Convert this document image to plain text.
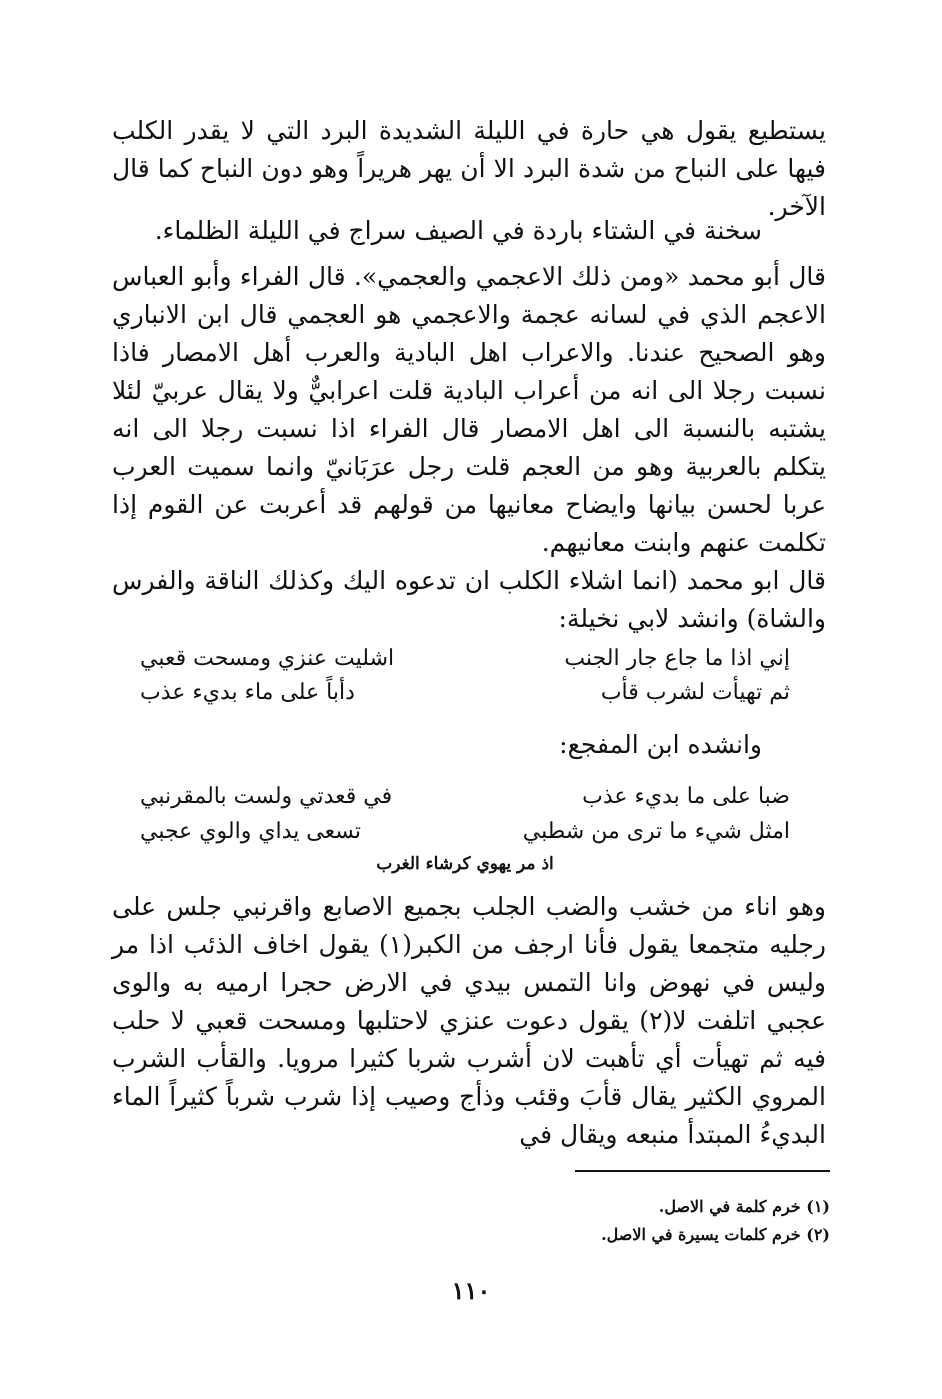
يستطيع يقول هي حارة في الليلة الشديدة البرد التي لا يقدر الكلب فيها على النباح من شدة البرد الا أن يهر هريراً وهو دون النباح كما قال الآخر.

سخنة في الشتاء باردة في الصيف سراج في الليلة الظلماء.

قال أبو محمد «ومن ذلك الاعجمي والعجمي». قال الفراء وأبو العباس الاعجم الذي في لسانه عجمة والاعجمي هو العجمي قال ابن الانباري وهو الصحيح عندنا. والاعراب اهل البادية والعرب أهل الامصار فاذا نسبت رجلا الى انه من أعراب البادية قلت اعرابيٌّ ولا يقال عربيّ لئلا يشتبه بالنسبة الى اهل الامصار قال الفراء اذا نسبت رجلا الى انه يتكلم بالعربية وهو من العجم قلت رجل عرَبَانيّ وانما سميت العرب عربا لحسن بيانها وايضاح معانيها من قولهم قد أعربت عن القوم إذا تكلمت عنهم وابنت معانيهم.

قال ابو محمد (انما اشلاء الكلب ان تدعوه اليك وكذلك الناقة والفرس والشاة) وانشد لابي نخيلة:

إني اذا ما جاع جار الجنب
اشليت عنزي ومسحت قعبي
ثم تهيأت لشرب قأب
دأباً على ماء بديء عذب

وانشده ابن المفجع:

ضبا على ما بديء عذب
في قعدتي ولست بالمقرنبي
امثل شيء ما ترى من شطبي
تسعى يداي والوي عجبي
اذ مر يهوي كرشاء الغرب

وهو اناء من خشب والضب الجلب بجميع الاصابع واقرنبي جلس على رجليه متجمعا يقول فأنا ارجف من الكبر(١) يقول اخاف الذئب اذا مر وليس في نهوض وانا التمس بيدي في الارض حجرا ارميه به والوى عجبي اتلفت لا(٢) يقول دعوت عنزي لاحتلبها ومسحت قعبي لا حلب فيه ثم تهيأت أي تأهبت لان أشرب شربا كثيرا مرويا. والقأب الشرب المروي الكثير يقال قأبَ وقئب وذأج وصيب إذا شرب شرباً كثيراً الماء البديءُ المبتدأ منبعه ويقال في

(١) خرم كلمة في الاصل.
(٢) خرم كلمات يسيرة في الاصل.
١١٠
